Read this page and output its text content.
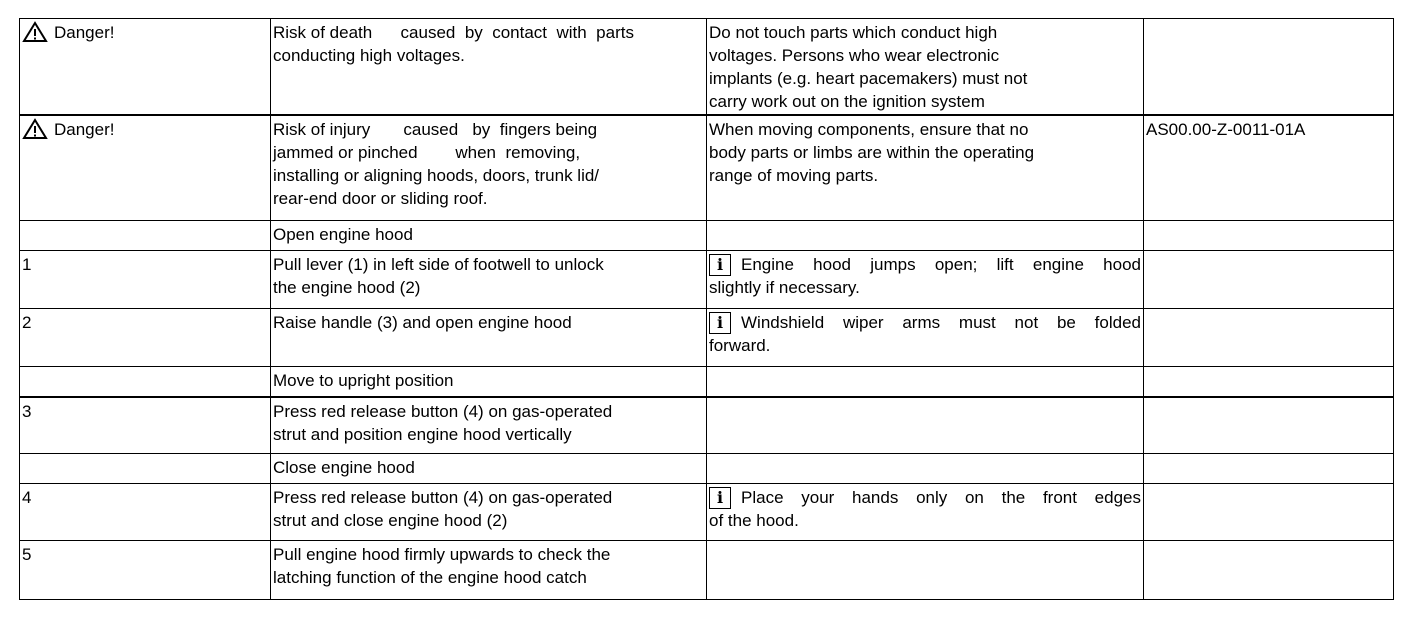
Danger!	Risk of death      caused  by  contact  with  parts
conducting high voltages.	Do not touch parts which conduct high
voltages. Persons who wear electronic
implants (e.g. heart pacemakers) must not
carry work out on the ignition system	

Danger!	Risk of injury       caused   by  fingers being
jammed or pinched        when  removing,
installing or aligning hoods, doors, trunk lid/
rear-end door or sliding roof.	When moving components, ensure that no
body parts or limbs are within the operating
range of moving parts.	AS00.00-Z-0011-01A

	Open engine hood		

1	Pull lever (1) in left side of footwell to unlock
the engine hood (2)	i Engine hood jumps open; lift engine hood
slightly if necessary.	

2	Raise handle (3) and open engine hood	i Windshield wiper arms must not be folded
forward.	

	Move to upright position		

3	Press red release button (4) on gas-operated
strut and position engine hood vertically		

	Close engine hood		

4	Press red release button (4) on gas-operated
strut and close engine hood (2)	i Place your hands only on the front edges
of the hood.	

5	Pull engine hood firmly upwards to check the
latching function of the engine hood catch		
